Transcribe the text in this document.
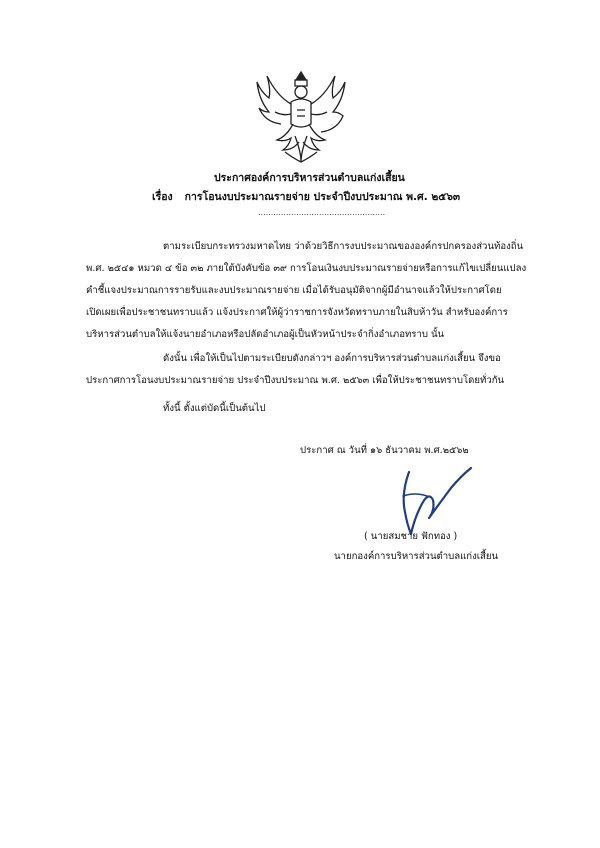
ประกาศองค์การบริหารส่วนตำบลแก่งเสี้ยน
เรื่อง การโอนงบประมาณรายจ่าย ประจำปีงบประมาณ พ.ศ. ๒๕๖๓
..................................................
ตามระเบียบกระทรวงมหาดไทย ว่าด้วยวิธีการงบประมาณขององค์กรปกครองส่วนท้องถิ่น
พ.ศ. ๒๕๔๑ หมวด ๔ ข้อ ๓๒ ภายใต้บังคับข้อ ๓๙ การโอนเงินงบประมาณรายจ่ายหรือการแก้ไขเปลี่ยนแปลง
คำชี้แจงประมาณการรายรับและงบประมาณรายจ่าย เมื่อได้รับอนุมัติจากผู้มีอำนาจแล้วให้ประกาศโดย
เปิดเผยเพื่อประชาชนทราบแล้ว แจ้งประกาศให้ผู้ว่าราชการจังหวัดทราบภายในสิบห้าวัน สำหรับองค์การ
บริหารส่วนตำบลให้แจ้งนายอำเภอหรือปลัดอำเภอผู้เป็นหัวหน้าประจำกิ่งอำเภอทราบ นั้น
ดังนั้น เพื่อให้เป็นไปตามระเบียบดังกล่าวฯ องค์การบริหารส่วนตำบลแก่งเสี้ยน จึงขอ
ประกาศการโอนงบประมาณรายจ่าย ประจำปีงบประมาณ พ.ศ. ๒๕๖๓ เพื่อให้ประชาชนทราบโดยทั่วกัน
ทั้งนี้ ตั้งแต่บัดนี้เป็นต้นไป
ประกาศ ณ วันที่ ๑๖ ธันวาคม พ.ศ.๒๕๖๒
( นายสมชาย ฟักทอง )
นายกองค์การบริหารส่วนตำบลแก่งเสี้ยน
